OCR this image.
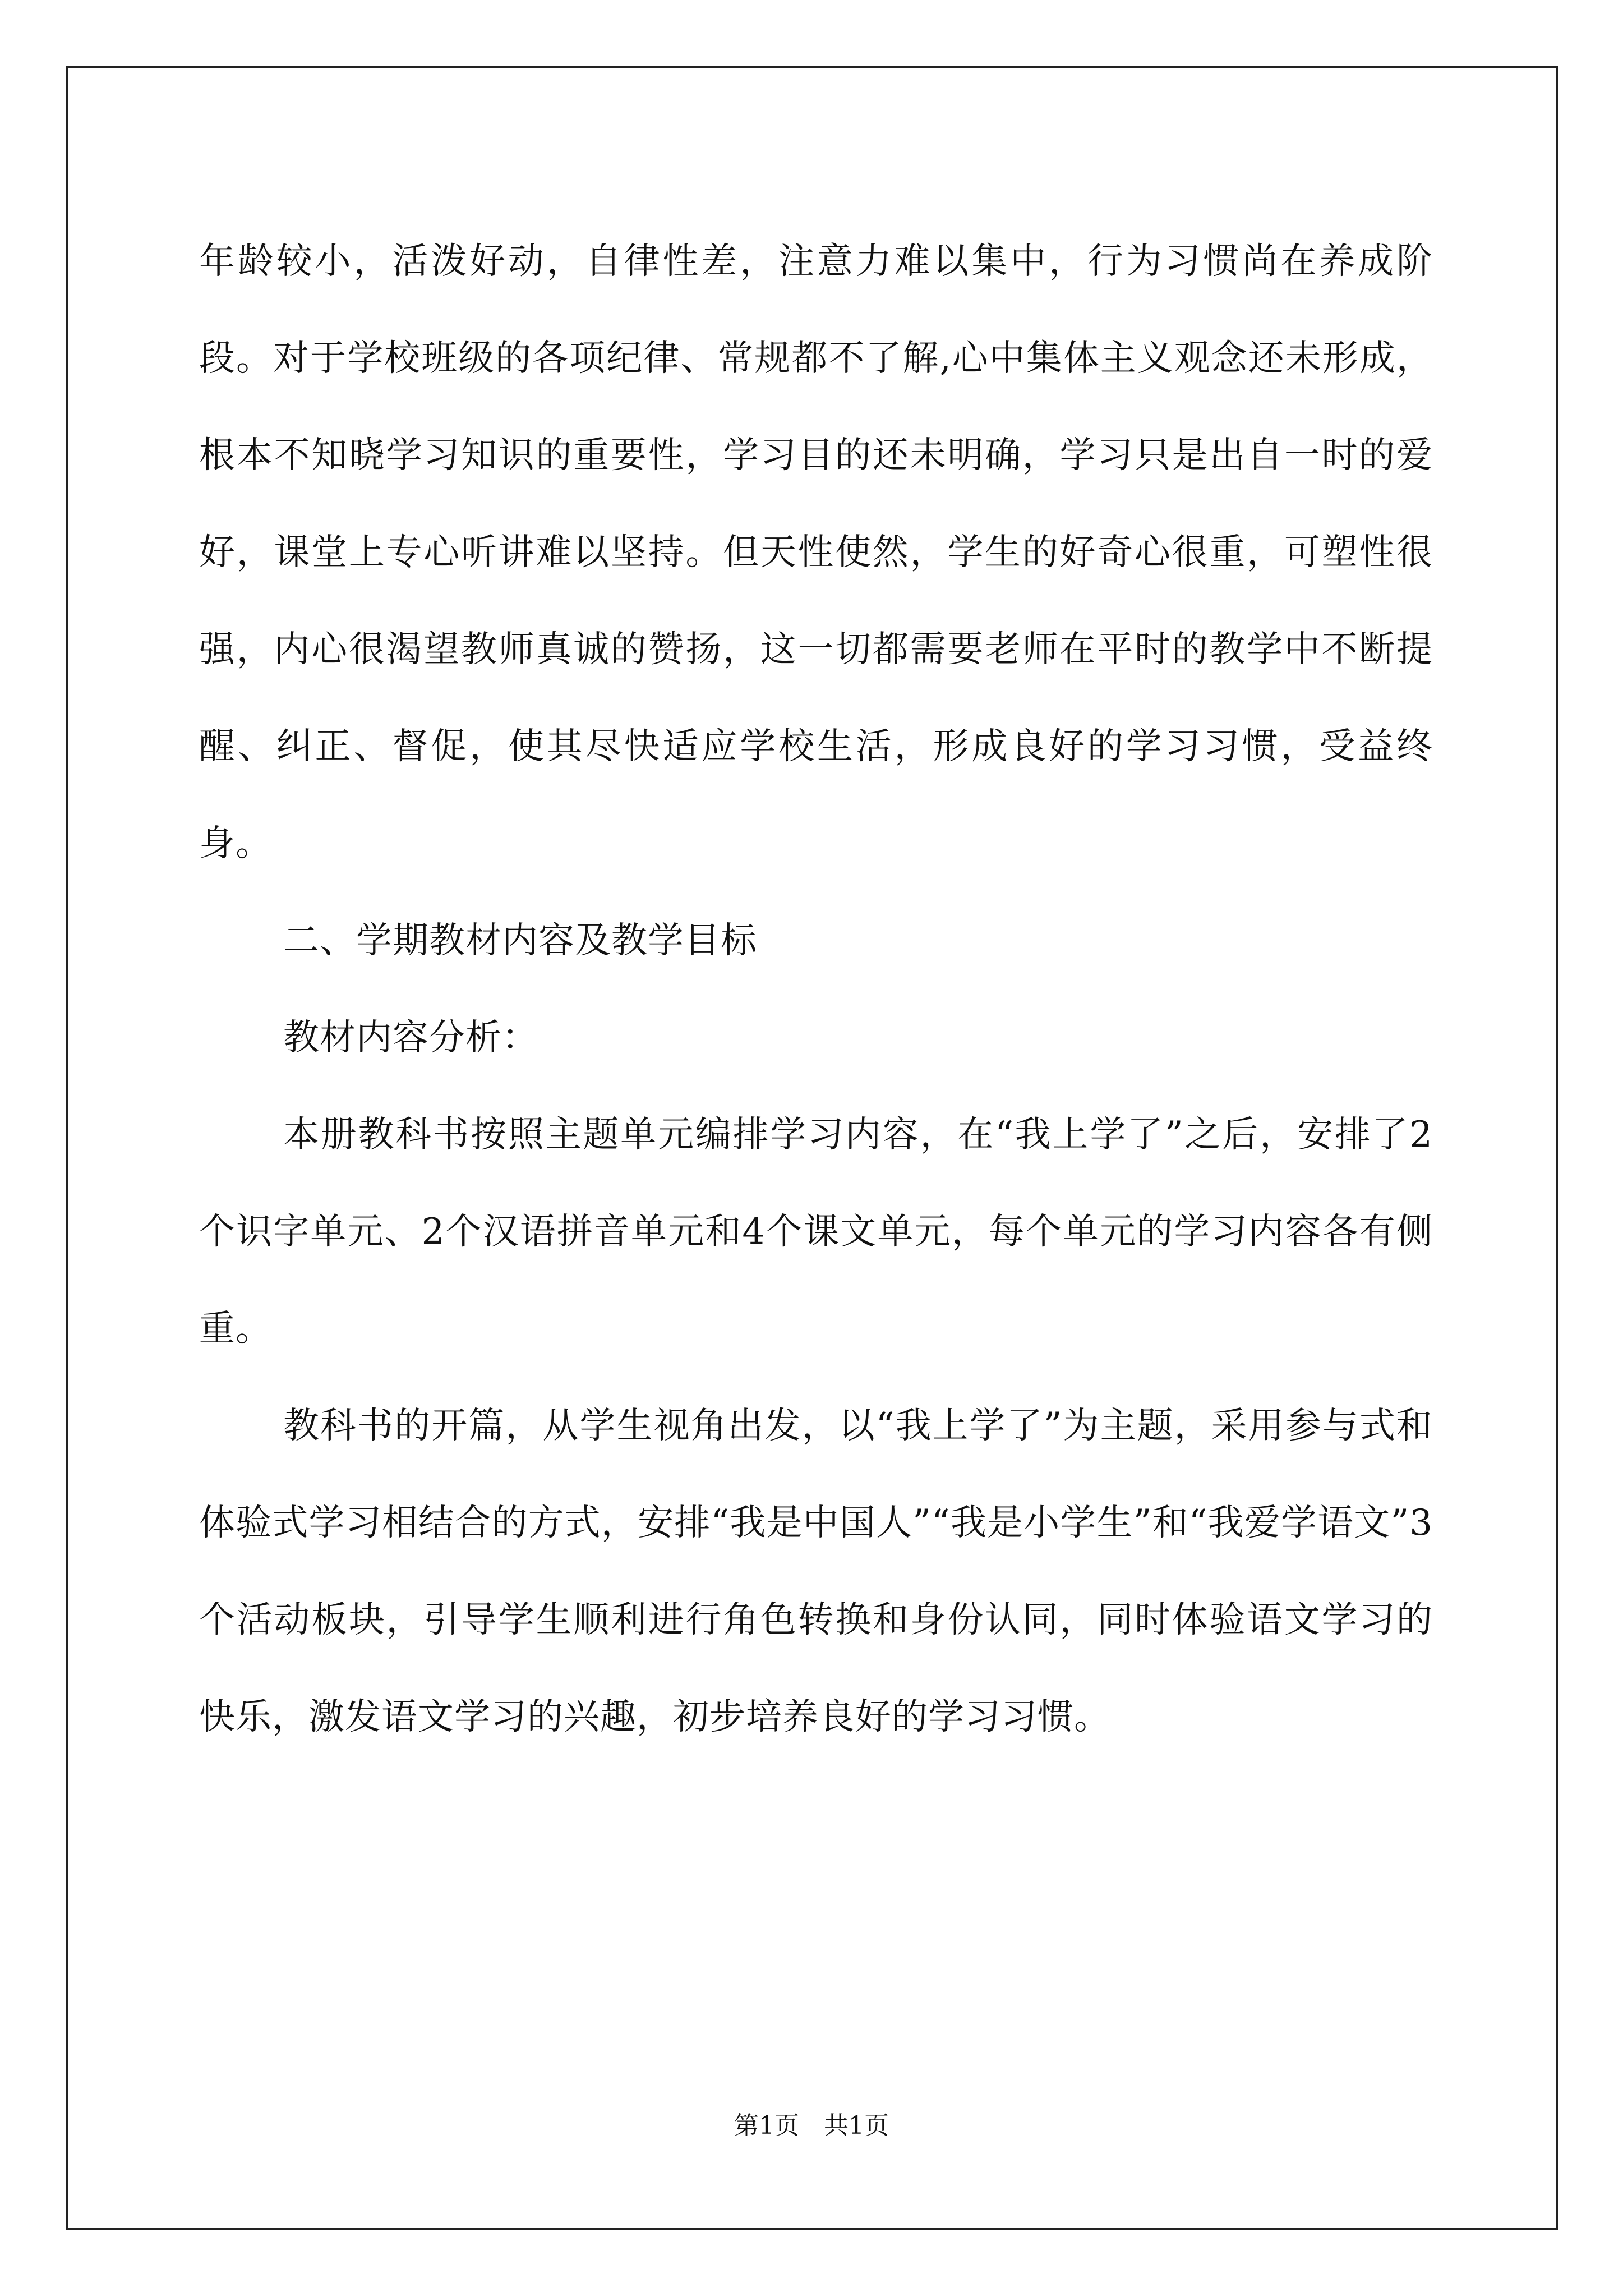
年龄较小，活泼好动，自律性差，注意力难以集中，行为习惯尚在养成阶段。对于学校班级的各项纪律、常规都不了解,心中集体主义观念还未形成，根本不知晓学习知识的重要性，学习目的还未明确，学习只是出自一时的爱好，课堂上专心听讲难以坚持。但天性使然，学生的好奇心很重，可塑性很强，内心很渴望教师真诚的赞扬，这一切都需要老师在平时的教学中不断提醒、纠正、督促，使其尽快适应学校生活，形成良好的学习习惯，受益终身。

二、学期教材内容及教学目标

教材内容分析：

本册教科书按照主题单元编排学习内容，在“我上学了”之后，安排了2个识字单元、2个汉语拼音单元和4个课文单元，每个单元的学习内容各有侧重。

教科书的开篇，从学生视角出发，以“我上学了”为主题，采用参与式和体验式学习相结合的方式，安排“我是中国人”“我是小学生”和“我爱学语文”3个活动板块，引导学生顺利进行角色转换和身份认同，同时体验语文学习的快乐，激发语文学习的兴趣，初步培养良好的学习习惯。

第1页　共1页
